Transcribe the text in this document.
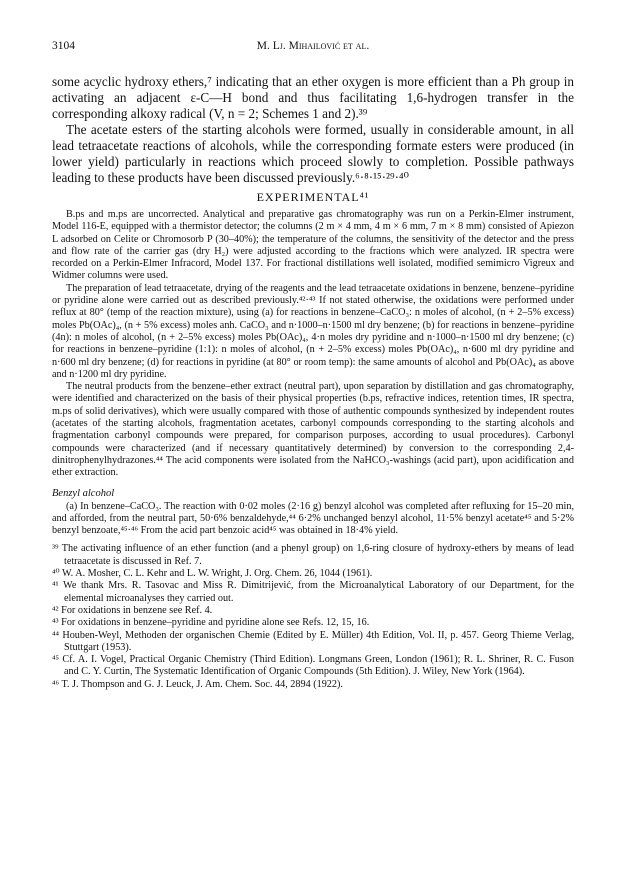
3104	M. Lj. Mihailović et al.

some acyclic hydroxy ethers,⁷ indicating that an ether oxygen is more efficient than a Ph group in activating an adjacent ε-C—H bond and thus facilitating 1,6-hydrogen transfer in the corresponding alkoxy radical (V, n = 2; Schemes 1 and 2).³⁹

The acetate esters of the starting alcohols were formed, usually in considerable amount, in all lead tetraacetate reactions of alcohols, while the corresponding formate esters were produced (in lower yield) particularly in reactions which proceed slowly to completion. Possible pathways leading to these products have been discussed previously.⁶·⁸·¹⁵·²⁹·⁴⁰

EXPERIMENTAL⁴¹

B.ps and m.ps are uncorrected. Analytical and preparative gas chromatography was run on a Perkin-Elmer instrument, Model 116-E, equipped with a thermistor detector; the columns (2 m × 4 mm, 4 m × 6 mm, 7 m × 8 mm) consisted of Apiezon L adsorbed on Celite or Chromosorb P (30–40%); the temperature of the columns, the sensitivity of the detector and the press and flow rate of the carrier gas (dry H₂) were adjusted according to the fractions which were analyzed. IR spectra were recorded on a Perkin-Elmer Infracord, Model 137. For fractional distillations well isolated, modified semimicro Vigreux and Widmer columns were used.

The preparation of lead tetraacetate, drying of the reagents and the lead tetraacetate oxidations in benzene, benzene–pyridine or pyridine alone were carried out as described previously.⁴²·⁴³ If not stated otherwise, the oxidations were performed under reflux at 80° (temp of the reaction mixture), using (a) for reactions in benzene–CaCO₃: n moles of alcohol, (n + 2–5% excess) moles Pb(OAc)₄, (n + 5% excess) moles anh. CaCO₃ and n·1000–n·1500 ml dry benzene; (b) for reactions in benzene–pyridine (4n): n moles of alcohol, (n + 2–5% excess) moles Pb(OAc)₄, 4·n moles dry pyridine and n·1000–n·1500 ml dry benzene; (c) for reactions in benzene–pyridine (1:1): n moles of alcohol, (n + 2–5% excess) moles Pb(OAc)₄, n·600 ml dry pyridine and n·600 ml dry benzene; (d) for reactions in pyridine (at 80° or room temp): the same amounts of alcohol and Pb(OAc)₄ as above and n·1200 ml dry pyridine.

The neutral products from the benzene–ether extract (neutral part), upon separation by distillation and gas chromatography, were identified and characterized on the basis of their physical properties (b.ps, refractive indices, retention times, IR spectra, m.ps of solid derivatives), which were usually compared with those of authentic compounds synthesized by independent routes (acetates of the starting alcohols, fragmentation acetates, carbonyl compounds corresponding to the starting alcohols and fragmentation carbonyl compounds were prepared, for comparison purposes, according to usual procedures). Carbonyl compounds were characterized (and if necessary quantitatively determined) by conversion to the corresponding 2,4-dinitrophenylhydrazones.⁴⁴ The acid components were isolated from the NaHCO₃-washings (acid part), upon acidification and ether extraction.

Benzyl alcohol

(a) In benzene–CaCO₃. The reaction with 0·02 moles (2·16 g) benzyl alcohol was completed after refluxing for 15–20 min, and afforded, from the neutral part, 50·6% benzaldehyde,⁴⁴ 6·2% unchanged benzyl alcohol, 11·5% benzyl acetate⁴⁵ and 5·2% benzyl benzoate,⁴⁵·⁴⁶ From the acid part benzoic acid⁴⁵ was obtained in 18·4% yield.

³⁹ The activating influence of an ether function (and a phenyl group) on 1,6-ring closure of hydroxy-ethers by means of lead tetraacetate is discussed in Ref. 7.
⁴⁰ W. A. Mosher, C. L. Kehr and L. W. Wright, J. Org. Chem. 26, 1044 (1961).
⁴¹ We thank Mrs. R. Tasovac and Miss R. Dimitrijević, from the Microanalytical Laboratory of our Department, for the elemental microanalyses they carried out.
⁴² For oxidations in benzene see Ref. 4.
⁴³ For oxidations in benzene–pyridine and pyridine alone see Refs. 12, 15, 16.
⁴⁴ Houben-Weyl, Methoden der organischen Chemie (Edited by E. Müller) 4th Edition, Vol. II, p. 457. Georg Thieme Verlag, Stuttgart (1953).
⁴⁵ Cf. A. I. Vogel, Practical Organic Chemistry (Third Edition). Longmans Green, London (1961); R. L. Shriner, R. C. Fuson and C. Y. Curtin, The Systematic Identification of Organic Compounds (5th Edition). J. Wiley, New York (1964).
⁴⁶ T. J. Thompson and G. J. Leuck, J. Am. Chem. Soc. 44, 2894 (1922).
